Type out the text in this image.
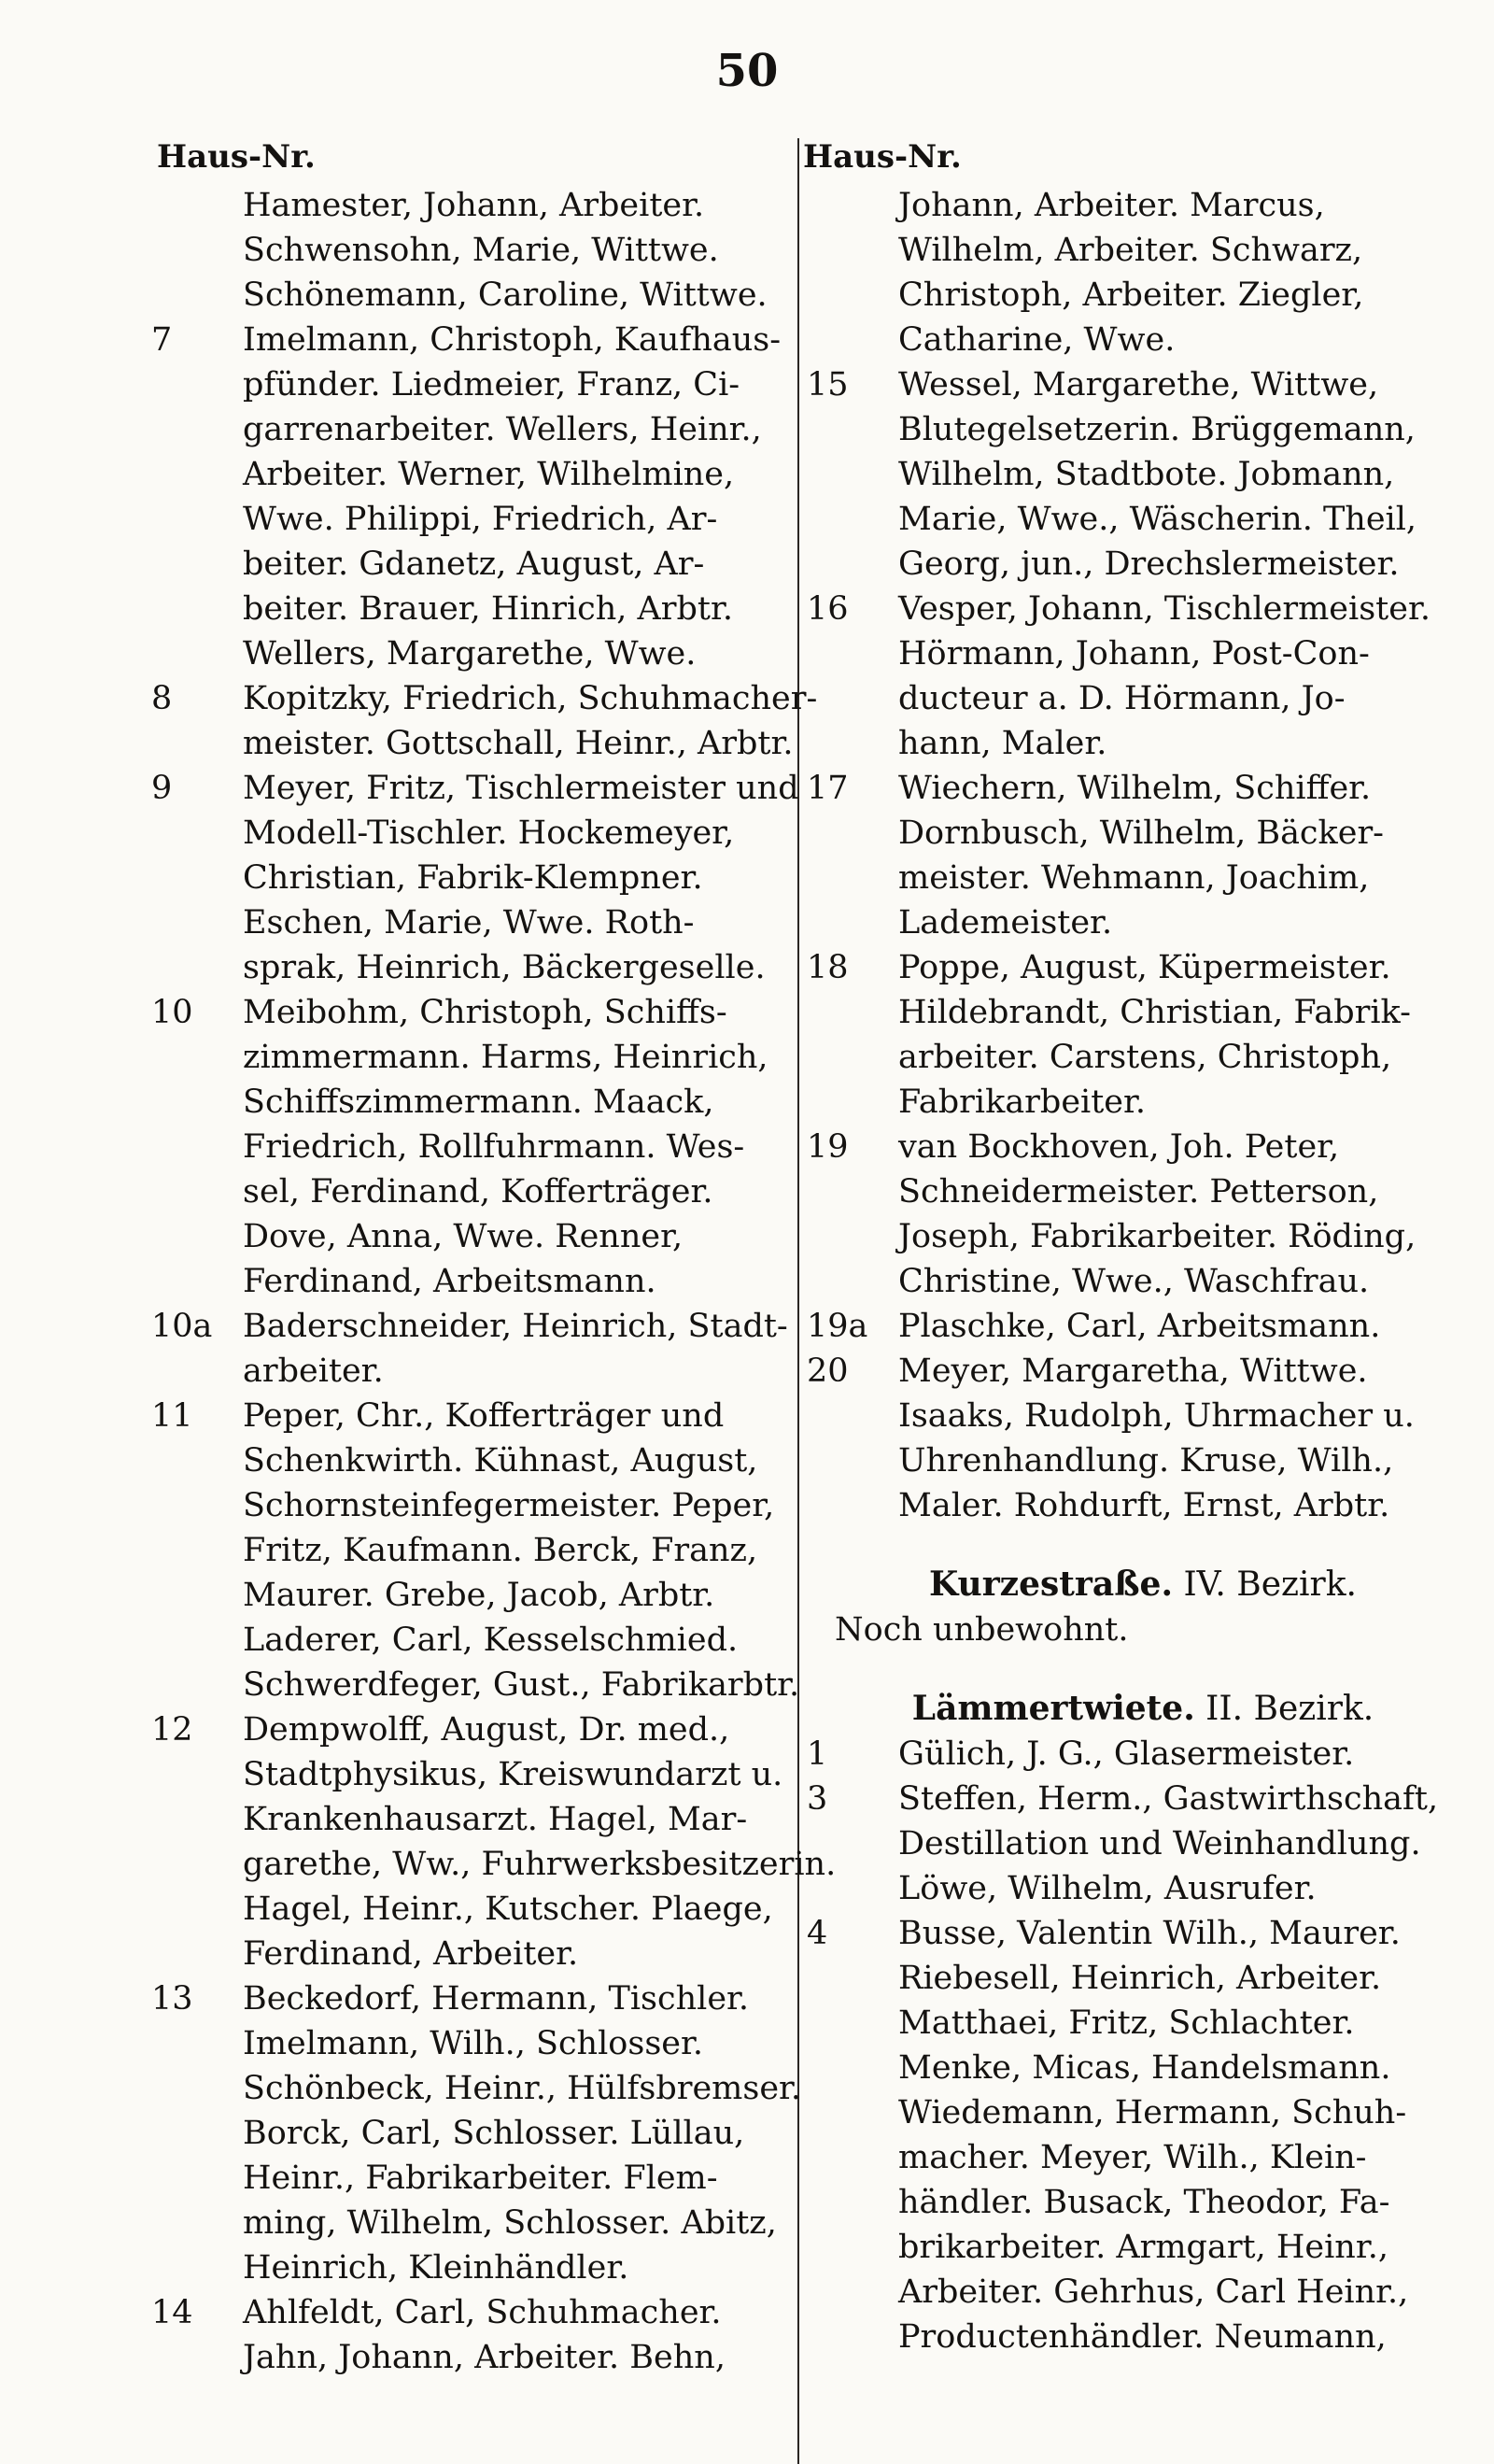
50
Haus-Nr.	Haus-Nr.
Hamester, Johann, Arbeiter.
Schwensohn, Marie, Wittwe.
Schönemann, Caroline, Wittwe.
7	Imelmann, Christoph, Kaufhaus-
pfünder. Liedmeier, Franz, Ci-
garrenarbeiter. Wellers, Heinr.,
Arbeiter. Werner, Wilhelmine,
Wwe. Philippi, Friedrich, Ar-
beiter. Gdanetz, August, Ar-
beiter. Brauer, Hinrich, Arbtr.
Wellers, Margarethe, Wwe.
8	Kopitzky, Friedrich, Schuhmacher-
meister. Gottschall, Heinr., Arbtr.
9	Meyer, Fritz, Tischlermeister und
Modell-Tischler. Hockemeyer,
Christian, Fabrik-Klempner.
Eschen, Marie, Wwe. Roth-
sprak, Heinrich, Bäckergeselle.
10	Meibohm, Christoph, Schiffs-
zimmermann. Harms, Heinrich,
Schiffszimmermann. Maack,
Friedrich, Rollfuhrmann. Wes-
sel, Ferdinand, Kofferträger.
Dove, Anna, Wwe. Renner,
Ferdinand, Arbeitsmann.
10a Baderschneider, Heinrich, Stadt-
arbeiter.
11	Peper, Chr., Kofferträger und
Schenkwirth. Kühnast, August,
Schornsteinfegermeister. Peper,
Fritz, Kaufmann. Berck, Franz,
Maurer. Grebe, Jacob, Arbtr.
Laderer, Carl, Kesselschmied.
Schwerdfeger, Gust., Fabrikarbtr.
12	Dempwolff, August, Dr. med.,
Stadtphysikus, Kreiswundarzt u.
Krankenhausarzt. Hagel, Mar-
garethe, Ww., Fuhrwerksbesitzerin.
Hagel, Heinr., Kutscher. Plaege,
Ferdinand, Arbeiter.
13	Beckedorf, Hermann, Tischler.
Imelmann, Wilh., Schlosser.
Schönbeck, Heinr., Hülfsbremser.
Borck, Carl, Schlosser. Lüllau,
Heinr., Fabrikarbeiter. Flem-
ming, Wilhelm, Schlosser. Abitz,
Heinrich, Kleinhändler.
14	Ahlfeldt, Carl, Schuhmacher.
Jahn, Johann, Arbeiter. Behn,
Johann, Arbeiter. Marcus,
Wilhelm, Arbeiter. Schwarz,
Christoph, Arbeiter. Ziegler,
Catharine, Wwe.
15	Wessel, Margarethe, Wittwe,
Blutegelsetzerin. Brüggemann,
Wilhelm, Stadtbote. Jobmann,
Marie, Wwe., Wäscherin. Theil,
Georg, jun., Drechslermeister.
16	Vesper, Johann, Tischlermeister.
Hörmann, Johann, Post-Con-
ducteur a. D. Hörmann, Jo-
hann, Maler.
17	Wiechern, Wilhelm, Schiffer.
Dornbusch, Wilhelm, Bäcker-
meister. Wehmann, Joachim,
Lademeister.
18	Poppe, August, Küpermeister.
Hildebrandt, Christian, Fabrik-
arbeiter. Carstens, Christoph,
Fabrikarbeiter.
19	van Bockhoven, Joh. Peter,
Schneidermeister. Petterson,
Joseph, Fabrikarbeiter. Röding,
Christine, Wwe., Waschfrau.
19a Plaschke, Carl, Arbeitsmann.
20	Meyer, Margaretha, Wittwe.
Isaaks, Rudolph, Uhrmacher u.
Uhrenhandlung. Kruse, Wilh.,
Maler. Rohdurft, Ernst, Arbtr.
Kurzestraße. IV. Bezirk.
Noch unbewohnt.
Lämmertwiete. II. Bezirk.
1	Gülich, J. G., Glasermeister.
3	Steffen, Herm., Gastwirthschaft,
Destillation und Weinhandlung.
Löwe, Wilhelm, Ausrufer.
4	Busse, Valentin Wilh., Maurer.
Riebesell, Heinrich, Arbeiter.
Matthaei, Fritz, Schlachter.
Menke, Micas, Handelsmann.
Wiedemann, Hermann, Schuh-
macher. Meyer, Wilh., Klein-
händler. Busack, Theodor, Fa-
brikarbeiter. Armgart, Heinr.,
Arbeiter. Gehrhus, Carl Heinr.,
Productenhändler. Neumann,
